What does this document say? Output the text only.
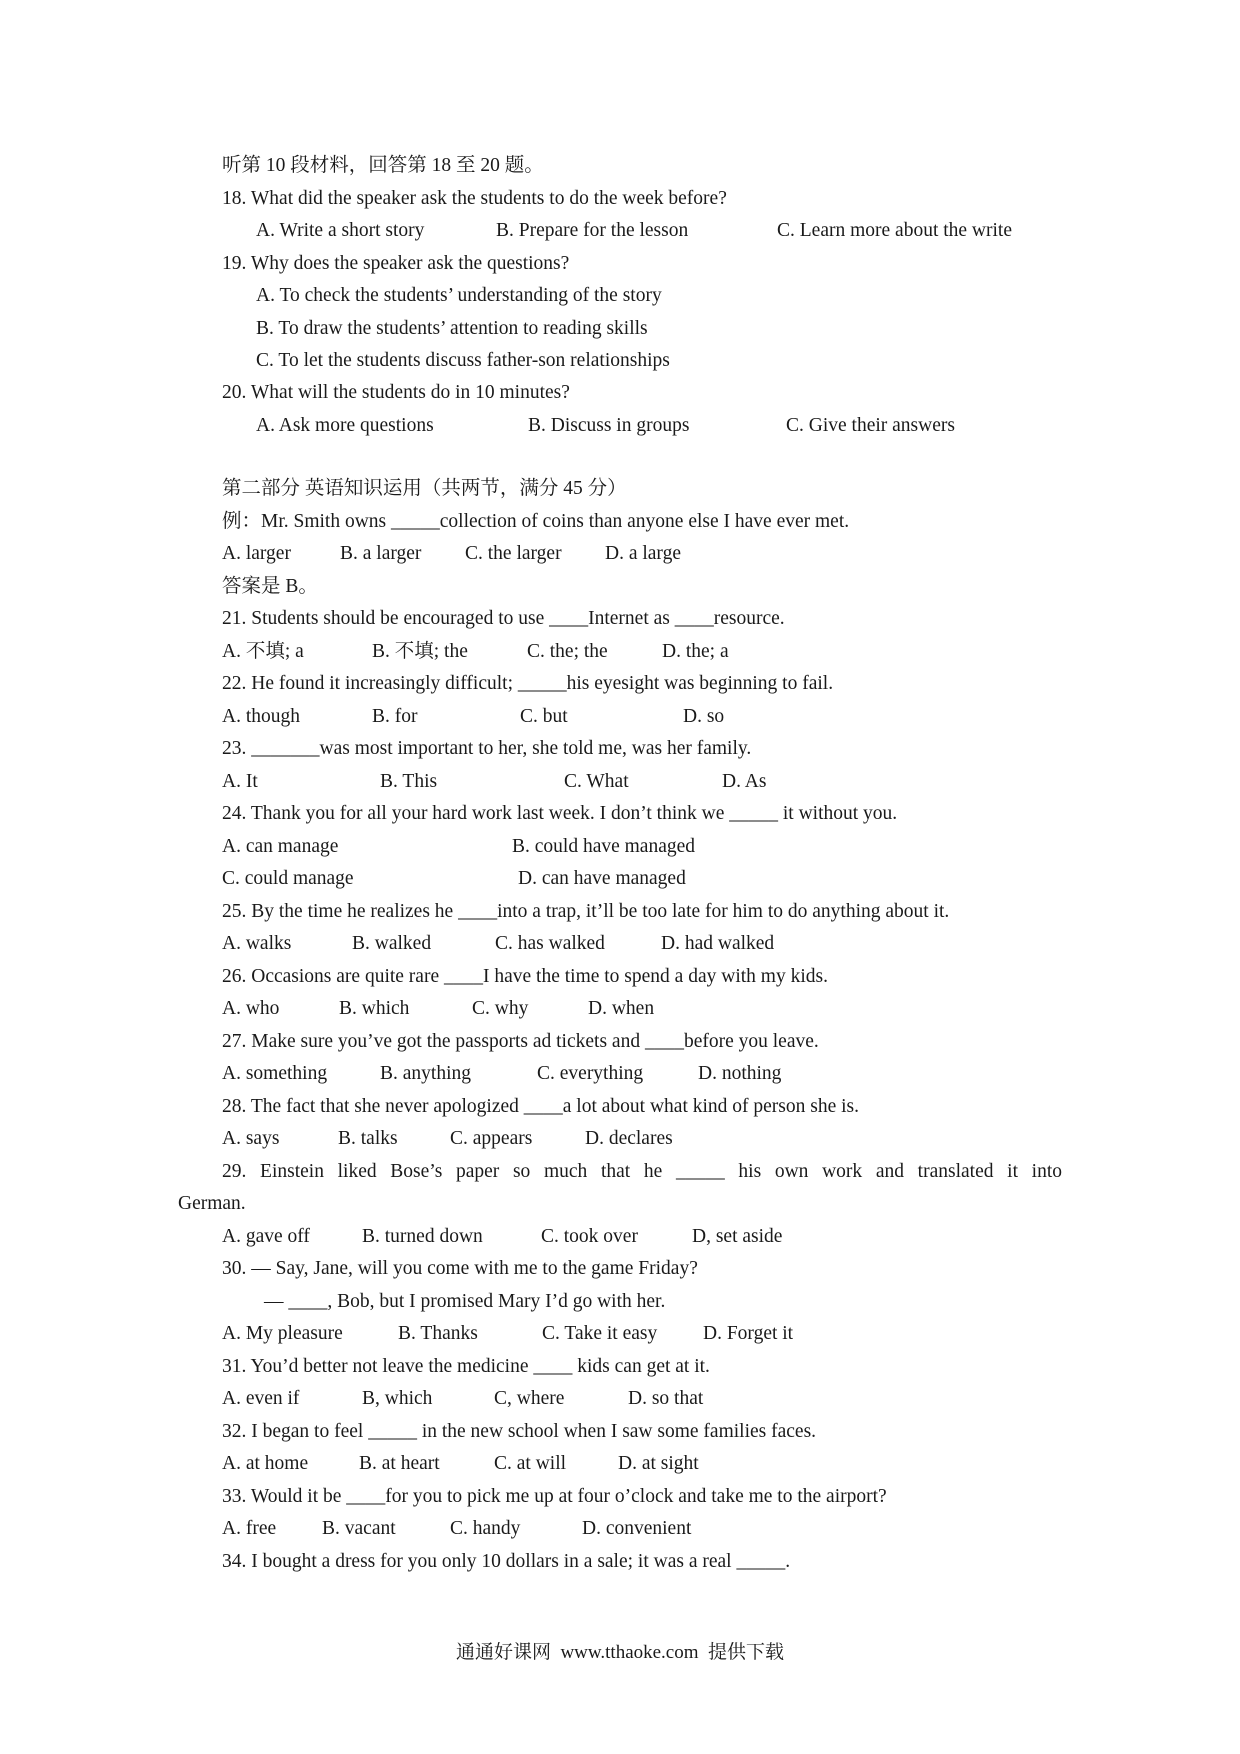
听第 10 段材料，回答第 18 至 20 题。
18. What did the speaker ask the students to do the week before?
A. Write a short story	B. Prepare for the lesson	C. Learn more about the write
19. Why does the speaker ask the questions?
A. To check the students’ understanding of the story
B. To draw the students’ attention to reading skills
C. To let the students discuss father-son relationships
20. What will the students do in 10 minutes?
A. Ask more questions	B. Discuss in groups	C. Give their answers
第二部分 英语知识运用（共两节，满分 45 分）
例：Mr. Smith owns _____collection of coins than anyone else I have ever met.
A. larger	B. a larger C. the larger D. a large
答案是 B。
21. Students should be encouraged to use ____Internet as ____resource.
A. 不填; a	B. 不填; the	C. the; the	D. the; a
22. He found it increasingly difficult; _____his eyesight was beginning to fail.
A. though	B. for	C. but	D. so
23. _______was most important to her, she told me, was her family.
A. It	B. This	C. What	D. As
24. Thank you for all your hard work last week. I don’t think we _____ it without you.
A. can manage	B. could have managed
C. could manage	D. can have managed
25. By the time he realizes he ____into a trap, it’ll be too late for him to do anything about it.
A. walks	B. walked	C. has walked	D. had walked
26. Occasions are quite rare ____I have the time to spend a day with my kids.
A. who	B. which	C. why	D. when
27. Make sure you’ve got the passports ad tickets and ____before you leave.
A. something	B. anything	C. everything	D. nothing
28. The fact that she never apologized ____a lot about what kind of person she is.
A. says	B. talks	C. appears	D. declares
29. Einstein liked Bose’s paper so much that he _____ his own work and translated it into
German.
A. gave off	B. turned down	C. took over	D, set aside
30. — Say, Jane, will you come with me to the game Friday?
— ____, Bob, but I promised Mary I’d go with her.
A. My pleasure	B. Thanks	C. Take it easy D. Forget it
31. You’d better not leave the medicine ____ kids can get at it.
A. even if	B, which	C, where	D. so that
32. I began to feel _____ in the new school when I saw some families faces.
A. at home	B. at heart	C. at will	D. at sight
33. Would it be ____for you to pick me up at four o’clock and take me to the airport?
A. free B. vacant	C. handy	D. convenient
34. I bought a dress for you only 10 dollars in a sale; it was a real _____.
通通好课网  www.tthaoke.com  提供下载
